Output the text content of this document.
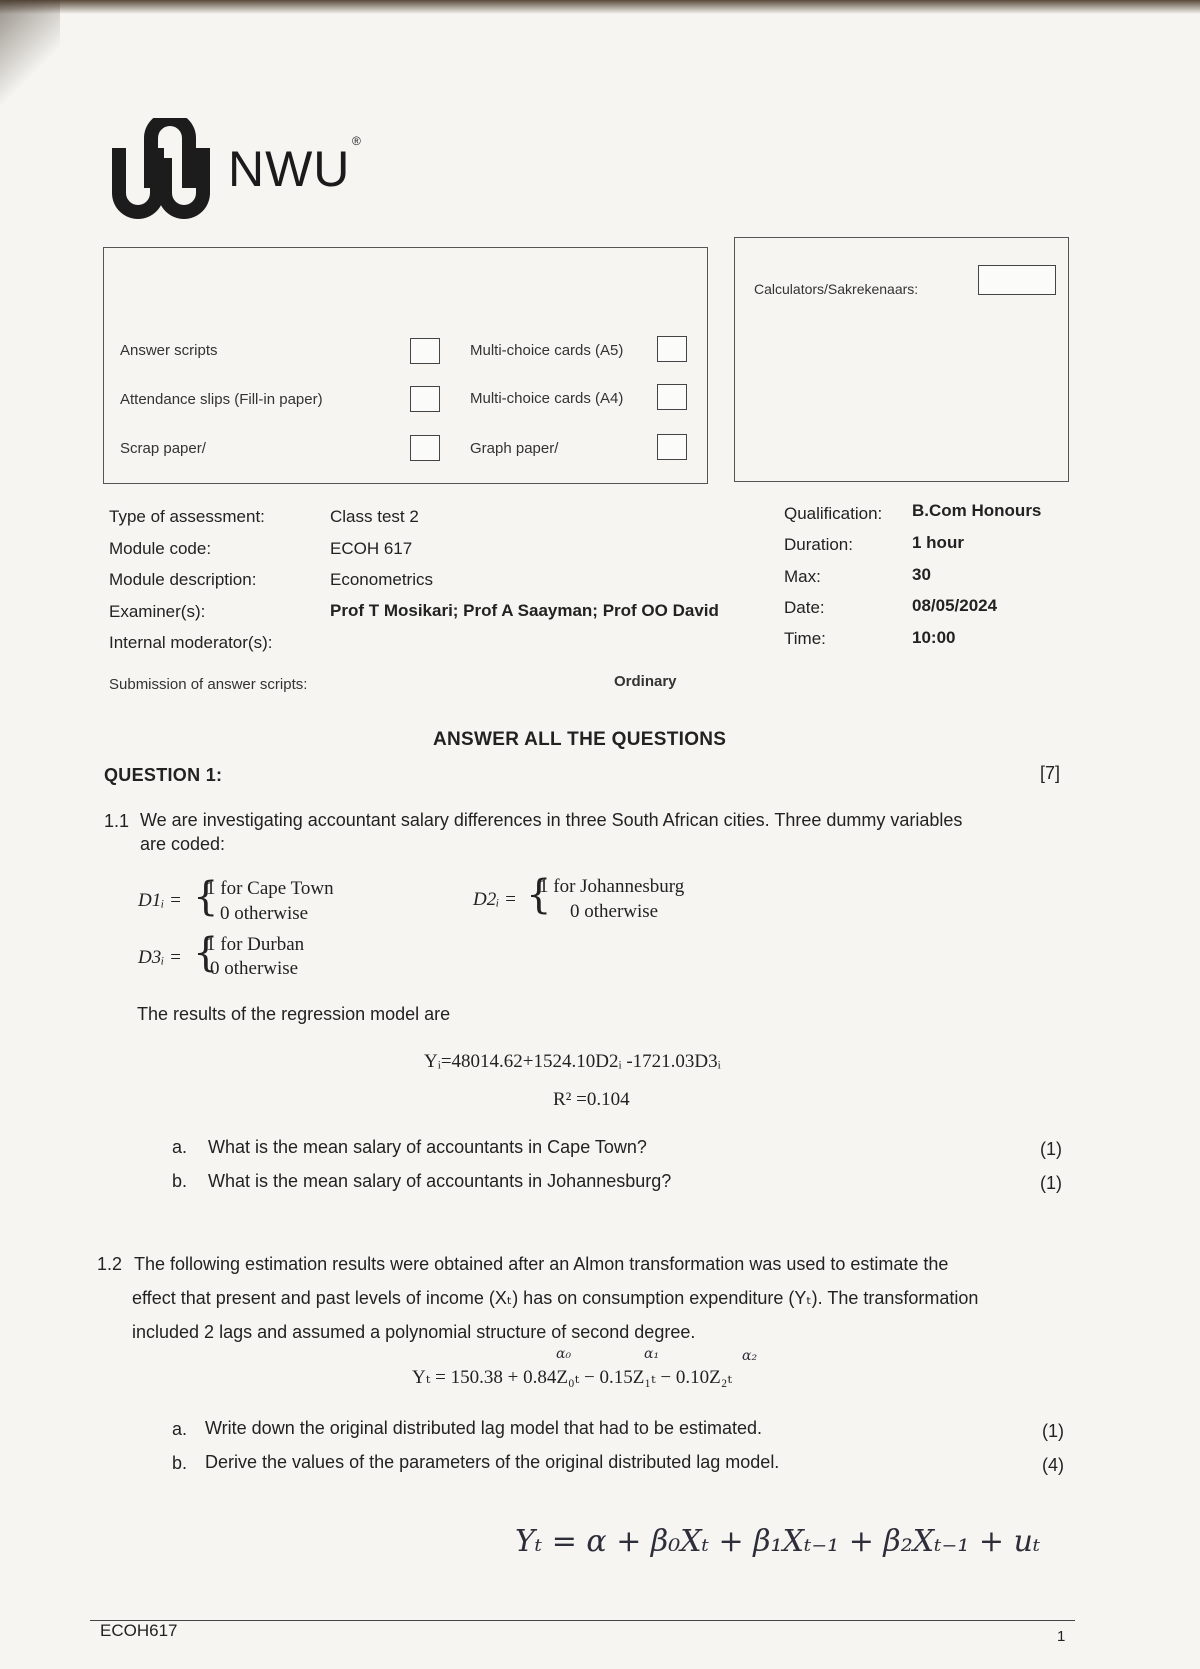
NWU ®
Answer scripts
Attendance slips (Fill-in paper)
Scrap paper/
Multi-choice cards (A5)
Multi-choice cards (A4)
Graph paper/
Calculators/Sakrekenaars:
Type of assessment:	Class test 2
Module code:	ECOH 617
Module description:	Econometrics
Examiner(s):	Prof T Mosikari; Prof A Saayman; Prof OO David
Internal moderator(s):
Qualification: B.Com Honours
Duration:	1 hour
Max:	30
Date:	08/05/2024
Time:	10:00
Submission of answer scripts:	Ordinary
ANSWER ALL THE QUESTIONS
QUESTION 1:	[7]
1.1 We are investigating accountant salary differences in three South African cities. Three dummy variables
are coded:
D1ᵢ = {
1 for Cape Town
0 otherwise
D2ᵢ = {
1 for Johannesburg
0 otherwise
D3ᵢ = {
1 for Durban
0 otherwise
The results of the regression model are
Yᵢ=48014.62+1524.10D2ᵢ -1721.03D3ᵢ
R² =0.104
a. What is the mean salary of accountants in Cape Town?	(1)
b. What is the mean salary of accountants in Johannesburg?	(1)
1.2 The following estimation results were obtained after an Almon transformation was used to estimate the
effect that present and past levels of income (Xₜ) has on consumption expenditure (Yₜ). The transformation
included 2 lags and assumed a polynomial structure of second degree.
α₀	α₁	α₂
Yₜ = 150.38 + 0.84Z₀ₜ − 0.15Z₁ₜ − 0.10Z₂ₜ
a. Write down the original distributed lag model that had to be estimated.	(1)
b. Derive the values of the parameters of the original distributed lag model.	(4)
Yₜ = α + β₀Xₜ + β₁Xₜ₋₁ + β₂Xₜ₋₁ + uₜ
ECOH617	1
